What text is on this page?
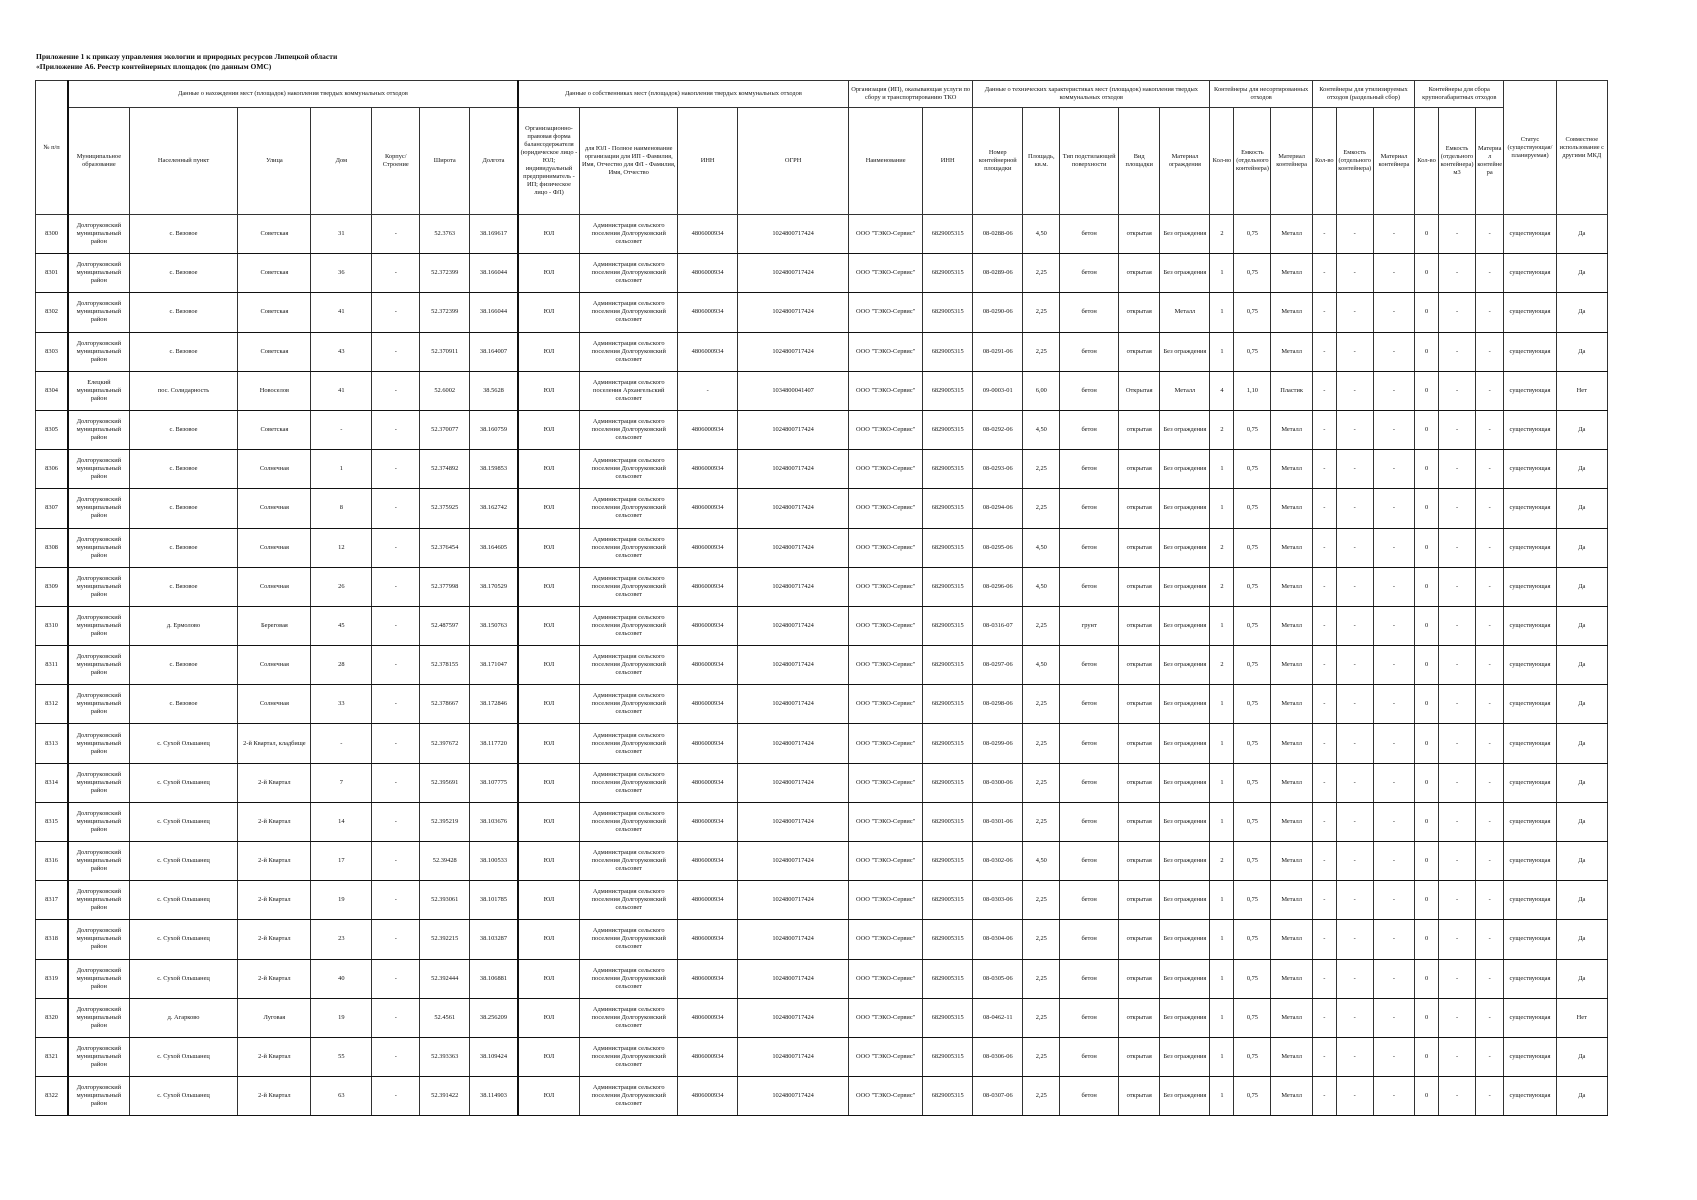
Приложение 1 к приказу управления экологии и природных ресурсов Липецкой области
«Приложение А6. Реестр контейнерных площадок (по данным ОМС)
№ п/п	Данные о нахождении мест (площадок) накопления твердых коммунальных отходов							Данные о собственниках мест (площадок) накопления твердых коммунальных отходов				Организация (ИП), оказывающая услуги по сбору и транспортированию ТКО		Данные о технических характеристиках мест (площадок) накопления твердых коммунальных отходов					Контейнеры для несортированных отходов			Контейнеры для утилизируемых отходов (раздельный сбор)			Контейнеры для сбора крупногабаритных отходов			Статус (существующая/ планируемая)	Совместное использование с другими МКД
	Муниципальное образование	Населенный пункт	Улица	Дом	Корпус/Строение	Широта	Долгота	Организационно-правовая форма балансодержателя (юридическое лицо - ЮЛ; индивидуальный предприниматель - ИП; физическое лицо - ФЛ)	для ЮЛ - Полное наименование организации для ИП - Фамилия, Имя, Отчество для ФЛ - Фамилия, Имя, Отчество	ИНН	ОГРН	Наименование	ИНН	Номер контейнерной площадки	Площадь, кв.м.	Тип подстилающей поверхности	Вид площадки	Материал ограждения	Кол-во	Емкость (отдельного контейнера)	Материал контейнера	Кол-во	Емкость (отдельного контейнера)	Материал контейнера	Кол-во	Емкость (отдельного контейнера) м3	Материал контейнера		
8300	Долгоруковский муниципальный район	с. Вязовое	Советская	31	-	52.3763	38.169617	ЮЛ	Администрация сельского поселения Долгоруковский сельсовет	4806000934	1024800717424	ООО "ТЭКО-Сервис"	6829005315	08-0288-06	4,50	бетон	открытая	Без ограждения	2	0,75	Металл	-	-	-	0	-	-	существующая	Да
8301	Долгоруковский муниципальный район	с. Вязовое	Советская	36	-	52.372399	38.166044	ЮЛ	Администрация сельского поселения Долгоруковский сельсовет	4806000934	1024800717424	ООО "ТЭКО-Сервис"	6829005315	08-0289-06	2,25	бетон	открытая	Без ограждения	1	0,75	Металл	-	-	-	0	-	-	существующая	Да
8302	Долгоруковский муниципальный район	с. Вязовое	Советская	41	-	52.372399	38.166044	ЮЛ	Администрация сельского поселения Долгоруковский сельсовет	4806000934	1024800717424	ООО "ТЭКО-Сервис"	6829005315	08-0290-06	2,25	бетон	открытая	Металл	1	0,75	Металл	-	-	-	0	-	-	существующая	Да
8303	Долгоруковский муниципальный район	с. Вязовое	Советская	43	-	52.370911	38.164007	ЮЛ	Администрация сельского поселения Долгоруковский сельсовет	4806000934	1024800717424	ООО "ТЭКО-Сервис"	6829005315	08-0291-06	2,25	бетон	открытая	Без ограждения	1	0,75	Металл	-	-	-	0	-	-	существующая	Да
8304	Елецкий муниципальный район	пос. Солидарность	Новоселов	41	-	52.6002	38.5628	ЮЛ	Администрация сельского поселения Архангельский сельсовет	-	1034800041407	ООО "ТЭКО-Сервис"	6829005315	09-0003-01	6,00	бетон	Открытая	Металл	4	1,10	Пластик	-	-	-	0	-	-	существующая	Нет
8305	Долгоруковский муниципальный район	с. Вязовое	Советская	-	-	52.370077	38.160759	ЮЛ	Администрация сельского поселения Долгоруковский сельсовет	4806000934	1024800717424	ООО "ТЭКО-Сервис"	6829005315	08-0292-06	4,50	бетон	открытая	Без ограждения	2	0,75	Металл	-	-	-	0	-	-	существующая	Да
8306	Долгоруковский муниципальный район	с. Вязовое	Солнечная	1	-	52.374892	38.159853	ЮЛ	Администрация сельского поселения Долгоруковский сельсовет	4806000934	1024800717424	ООО "ТЭКО-Сервис"	6829005315	08-0293-06	2,25	бетон	открытая	Без ограждения	1	0,75	Металл	-	-	-	0	-	-	существующая	Да
8307	Долгоруковский муниципальный район	с. Вязовое	Солнечная	8	-	52.375925	38.162742	ЮЛ	Администрация сельского поселения Долгоруковский сельсовет	4806000934	1024800717424	ООО "ТЭКО-Сервис"	6829005315	08-0294-06	2,25	бетон	открытая	Без ограждения	1	0,75	Металл	-	-	-	0	-	-	существующая	Да
8308	Долгоруковский муниципальный район	с. Вязовое	Солнечная	12	-	52.376454	38.164605	ЮЛ	Администрация сельского поселения Долгоруковский сельсовет	4806000934	1024800717424	ООО "ТЭКО-Сервис"	6829005315	08-0295-06	4,50	бетон	открытая	Без ограждения	2	0,75	Металл	-	-	-	0	-	-	существующая	Да
8309	Долгоруковский муниципальный район	с. Вязовое	Солнечная	26	-	52.377998	38.170529	ЮЛ	Администрация сельского поселения Долгоруковский сельсовет	4806000934	1024800717424	ООО "ТЭКО-Сервис"	6829005315	08-0296-06	4,50	бетон	открытая	Без ограждения	2	0,75	Металл	-	-	-	0	-	-	существующая	Да
8310	Долгоруковский муниципальный район	д. Ермолово	Береговая	45	-	52.487597	38.150763	ЮЛ	Администрация сельского поселения Долгоруковский сельсовет	4806000934	1024800717424	ООО "ТЭКО-Сервис"	6829005315	08-0316-07	2,25	грунт	открытая	Без ограждения	1	0,75	Металл	-	-	-	0	-	-	существующая	Да
8311	Долгоруковский муниципальный район	с. Вязовое	Солнечная	28	-	52.378155	38.171047	ЮЛ	Администрация сельского поселения Долгоруковский сельсовет	4806000934	1024800717424	ООО "ТЭКО-Сервис"	6829005315	08-0297-06	4,50	бетон	открытая	Без ограждения	2	0,75	Металл	-	-	-	0	-	-	существующая	Да
8312	Долгоруковский муниципальный район	с. Вязовое	Солнечная	33	-	52.378667	38.172846	ЮЛ	Администрация сельского поселения Долгоруковский сельсовет	4806000934	1024800717424	ООО "ТЭКО-Сервис"	6829005315	08-0298-06	2,25	бетон	открытая	Без ограждения	1	0,75	Металл	-	-	-	0	-	-	существующая	Да
8313	Долгоруковский муниципальный район	с. Сухой Ольшанец	2-й Квартал, кладбище	-	-	52.397672	38.117720	ЮЛ	Администрация сельского поселения Долгоруковский сельсовет	4806000934	1024800717424	ООО "ТЭКО-Сервис"	6829005315	08-0299-06	2,25	бетон	открытая	Без ограждения	1	0,75	Металл	-	-	-	0	-	-	существующая	Да
8314	Долгоруковский муниципальный район	с. Сухой Ольшанец	2-й Квартал	7	-	52.395691	38.107775	ЮЛ	Администрация сельского поселения Долгоруковский сельсовет	4806000934	1024800717424	ООО "ТЭКО-Сервис"	6829005315	08-0300-06	2,25	бетон	открытая	Без ограждения	1	0,75	Металл	-	-	-	0	-	-	существующая	Да
8315	Долгоруковский муниципальный район	с. Сухой Ольшанец	2-й Квартал	14	-	52.395219	38.103676	ЮЛ	Администрация сельского поселения Долгоруковский сельсовет	4806000934	1024800717424	ООО "ТЭКО-Сервис"	6829005315	08-0301-06	2,25	бетон	открытая	Без ограждения	1	0,75	Металл	-	-	-	0	-	-	существующая	Да
8316	Долгоруковский муниципальный район	с. Сухой Ольшанец	2-й Квартал	17	-	52.39428	38.100533	ЮЛ	Администрация сельского поселения Долгоруковский сельсовет	4806000934	1024800717424	ООО "ТЭКО-Сервис"	6829005315	08-0302-06	4,50	бетон	открытая	Без ограждения	2	0,75	Металл	-	-	-	0	-	-	существующая	Да
8317	Долгоруковский муниципальный район	с. Сухой Ольшанец	2-й Квартал	19	-	52.393061	38.101785	ЮЛ	Администрация сельского поселения Долгоруковский сельсовет	4806000934	1024800717424	ООО "ТЭКО-Сервис"	6829005315	08-0303-06	2,25	бетон	открытая	Без ограждения	1	0,75	Металл	-	-	-	0	-	-	существующая	Да
8318	Долгоруковский муниципальный район	с. Сухой Ольшанец	2-й Квартал	23	-	52.392215	38.103287	ЮЛ	Администрация сельского поселения Долгоруковский сельсовет	4806000934	1024800717424	ООО "ТЭКО-Сервис"	6829005315	08-0304-06	2,25	бетон	открытая	Без ограждения	1	0,75	Металл	-	-	-	0	-	-	существующая	Да
8319	Долгоруковский муниципальный район	с. Сухой Ольшанец	2-й Квартал	40	-	52.392444	38.106881	ЮЛ	Администрация сельского поселения Долгоруковский сельсовет	4806000934	1024800717424	ООО "ТЭКО-Сервис"	6829005315	08-0305-06	2,25	бетон	открытая	Без ограждения	1	0,75	Металл	-	-	-	0	-	-	существующая	Да
8320	Долгоруковский муниципальный район	д. Агарково	Луговая	19	-	52.4561	38.256209	ЮЛ	Администрация сельского поселения Долгоруковский сельсовет	4806000934	1024800717424	ООО "ТЭКО-Сервис"	6829005315	08-0462-11	2,25	бетон	открытая	Без ограждения	1	0,75	Металл	-	-	-	0	-	-	существующая	Нет
8321	Долгоруковский муниципальный район	с. Сухой Ольшанец	2-й Квартал	55	-	52.393363	38.109424	ЮЛ	Администрация сельского поселения Долгоруковский сельсовет	4806000934	1024800717424	ООО "ТЭКО-Сервис"	6829005315	08-0306-06	2,25	бетон	открытая	Без ограждения	1	0,75	Металл	-	-	-	0	-	-	существующая	Да
8322	Долгоруковский муниципальный район	с. Сухой Ольшанец	2-й Квартал	63	-	52.391422	38.114903	ЮЛ	Администрация сельского поселения Долгоруковский сельсовет	4806000934	1024800717424	ООО "ТЭКО-Сервис"	6829005315	08-0307-06	2,25	бетон	открытая	Без ограждения	1	0,75	Металл	-	-	-	0	-	-	существующая	Да
